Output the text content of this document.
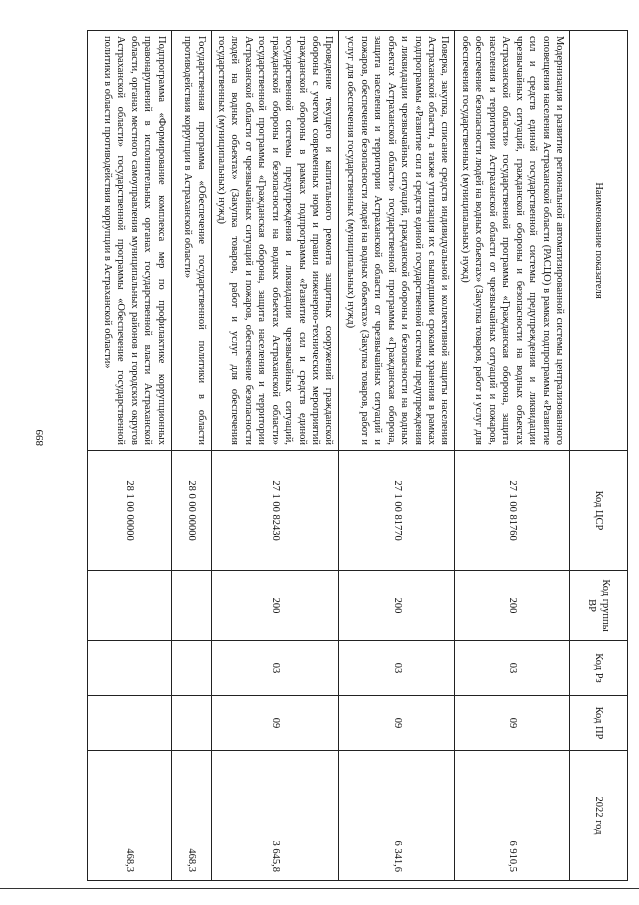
899
Наименование показателя	Код ЦСР	Код группы ВР	Код Рз	Код ПР	2022 год
Модернизация и развитие региональной автоматизированной системы централизованного оповещения населения Астраханской области (РАСЦО) в рамках подпрограммы «Развитие сил и средств единой государственной системы предупреждения и ликвидации чрезвычайных ситуаций, гражданской обороны и безопасности на водных объектах Астраханской области» государственной программы «Гражданская оборона, защита населения и территории Астраханской области от чрезвычайных ситуаций и пожаров, обеспечение безопасности людей на водных объектах» (Закупка товаров, работ и услуг для обеспечения государственных (муниципальных) нужд)	27 1 00 81760	200	03	09	6 910,5
Поверка, закупка, списание средств индивидуальной и коллективной защиты населения Астраханской области, а также утилизация их с вышедшими сроками хранения в рамках подпрограммы «Развитие сил и средств единой государственной системы предупреждения и ликвидации чрезвычайных ситуаций, гражданской обороны и безопасности на водных объектах Астраханской области» государственной программы «Гражданская оборона, защита населения и территории Астраханской области от чрезвычайных ситуаций и пожаров, обеспечение безопасности людей на водных объектах» (Закупка товаров, работ и услуг для обеспечения государственных (муниципальных) нужд)	27 1 00 81770	200	03	09	6 341,6
Проведение текущего и капитального ремонта защитных сооружений гражданской обороны с учетом современных норм и правил инженерно-технических мероприятий гражданской обороны в рамках подпрограммы «Развитие сил и средств единой государственной системы предупреждения и ликвидации чрезвычайных ситуаций, гражданской обороны и безопасности на водных объектах Астраханской области» государственной программы «Гражданская оборона, защита населения и территории Астраханской области от чрезвычайных ситуаций и пожаров, обеспечение безопасности людей на водных объектах» (Закупка товаров, работ и услуг для обеспечения государственных (муниципальных) нужд)	27 1 00 82430	200	03	09	3 645,8
Государственная программа «Обеспечение государственной политики в области противодействия коррупции в Астраханской области»	28 0 00 00000				468,3
Подпрограмма «Формирование комплекса мер по профилактике коррупционных правонарушений в исполнительных органах государственной власти Астраханской области, органах местного самоуправления муниципальных районов и городских округов Астраханской области» государственной программы «Обеспечение государственной политики в области противодействия коррупции в Астраханской области»	28 1 00 00000				468,3
